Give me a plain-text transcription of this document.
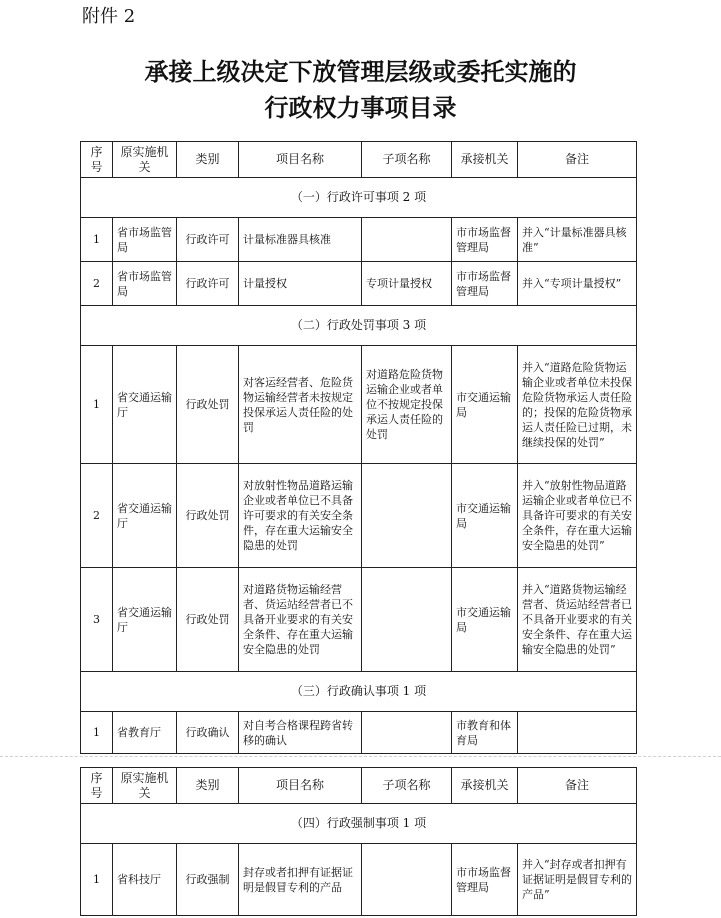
附件 2
承接上级决定下放管理层级或委托实施的
行政权力事项目录
序号	原实施机关	类别	项目名称	子项名称	承接机关	备注
（一）行政许可事项 2 项						
1	省市场监管局	行政许可	计量标准器具核准		市市场监督管理局	并入“计量标准器具核准”
2	省市场监管局	行政许可	计量授权	专项计量授权	市市场监督管理局	并入“专项计量授权”
（二）行政处罚事项 3 项						
1	省交通运输厅	行政处罚	对客运经营者、危险货物运输经营者未按规定投保承运人责任险的处罚	对道路危险货物运输企业或者单位不按规定投保承运人责任险的处罚	市交通运输局	并入“道路危险货物运输企业或者单位未投保危险货物承运人责任险的；投保的危险货物承运人责任险已过期，未继续投保的处罚”
2	省交通运输厅	行政处罚	对放射性物品道路运输企业或者单位已不具备许可要求的有关安全条件，存在重大运输安全隐患的处罚		市交通运输局	并入“放射性物品道路运输企业或者单位已不具备许可要求的有关安全条件，存在重大运输安全隐患的处罚”
3	省交通运输厅	行政处罚	对道路货物运输经营者、货运站经营者已不具备开业要求的有关安全条件、存在重大运输安全隐患的处罚		市交通运输局	并入“道路货物运输经营者、货运站经营者已不具备开业要求的有关安全条件、存在重大运输安全隐患的处罚”
（三）行政确认事项 1 项						
1	省教育厅	行政确认	对自考合格课程跨省转移的确认		市教育和体育局	
序号	原实施机关	类别	项目名称	子项名称	承接机关	备注
（四）行政强制事项 1 项						
1	省科技厅	行政强制	封存或者扣押有证据证明是假冒专利的产品		市市场监督管理局	并入“封存或者扣押有证据证明是假冒专利的产品”
